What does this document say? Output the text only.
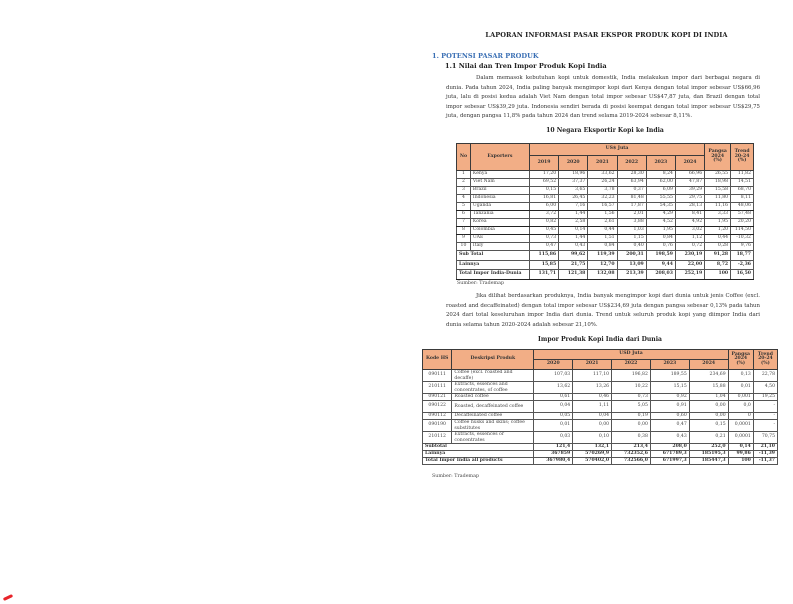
LAPORAN INFORMASI PASAR EKSPOR PRODUK KOPI DI INDIA
1. POTENSI PASAR PRODUK
1.1 Nilai dan Tren Impor Produk Kopi India
Dalam memasok kebutuhan kopi untuk domestik, India melakukan impor dari berbagai negara di dunia. Pada tahun 2024, India paling banyak mengimpor kopi dari Kenya dengan total impor sebesar US$66,96 juta, lalu di posisi kedua adalah Viet Nam dengan total impor sebesar US$47,87 juta, dan Brazil dengan total impor sebesar US$39,29 juta. Indonesia sendiri berada di posisi keempat dengan total impor sebesar US$29,75 juta, dengan pangsa 11,8% pada tahun 2024 dan trend selama 2019-2024 sebesar 8,11%.
10 Negara Eksportir Kopi ke India
No	Exporters	US$ Juta						Pangsa 2024 (%)	Trend 20-24 (%)
		2019	2020	2021	2022	2023	2024		
1	Kenya	17,20	18,96	33,62	28,30	8,24	66,96	26,55	11,82
2	Viet Nam	69,52	37,37	26,24	63,94	62,00	47,87	18,98	14,51
3	Brazil	0,15	3,65	3,78	0,37	6,09	39,29	15,58	68,70
4	Indonesia	16,81	26,45	32,23	81,48	55,55	29,75	11,80	8,11
5	Uganda	6,00	7,16	16,57	17,87	54,35	28,13	11,16	48,06
6	Tanzania	3,72	1,44	1,56	2,01	4,29	8,41	3,33	57,48
7	Korea	0,82	2,58	2,61	3,88	4,52	4,92	1,95	20,20
8	Colombia	0,45	0,14	0,44	1,03	1,95	3,02	1,20	114,50
9	UAE	0,73	1,44	1,51	1,15	0,84	1,12	0,44	-10,32
10	Italy	0,47	0,43	0,84	0,40	0,76	0,72	0,28	9,76
Sub Total		115,86	99,62	119,39	200,31	198,59	230,19	91,28	18,77
Lainnya		15,85	21,75	12,70	13,09	9,44	22,00	8,72	-2,36
Total Impor India-Dunia		131,71	121,38	132,08	213,39	208,03	252,19	100	16,50
Sumber: Trademap
Jika dilihat berdasarkan produknya, India banyak mengimpor kopi dari dunia untuk jenis Coffee (excl. roasted and decaffeinated) dengan total impor sebesar US$234,69 juta dengan pangsa sebesar 0,13% pada tahun 2024 dari total keseluruhan impor India dari dunia. Trend untuk seluruh produk kopi yang diimpor India dari dunia selama tahun 2020-2024 adalah sebesar 21,10%.
Impor Produk Kopi India dari Dunia
Kode HS	Deskripsi Produk	USD Juta					Pangsa 2024 (%)	Trend 20-24 (%)
		2020	2021	2022	2023	2024		
090111	Coffee (excl. roasted and decaffe)	107,03	117,10	196,82	189,55	234,69	0,13	22,78
210111	Extracts, essences and concentrates, of coffee	13,62	13,26	10,22	15,15	15,88	0,01	4,50
090121	Roasted coffee	0,61	0,46	0,73	0,92	1,04	0,001	19,25
090122	Roasted, decaffeinated coffee	0,04	1,11	5,05	0,91	0,00	0,0	-
090112	Decaffeinated coffee	0,05	0,04	0,19	0,60	0,00	0	-
090190	Coffee husks and skins; coffee substitutes	0,01	0,00	0,00	0,47	0,15	0,0001	-
210112	Extracts, essences or concentrates	0,03	0,10	0,38	0,43	0,21	0,0001	70,75
Subtotal		121,4	132,1	213,4	208,0	252,0	0,14	21,10
Lainnya		367859	570269,9	732352,6	671789,3	185195,3	99,86	-11,39
Total Impor India all products		367980,4	570402,0	732566,0	671997,3	185447,3	100	-11,37
Sumber: Trademap
